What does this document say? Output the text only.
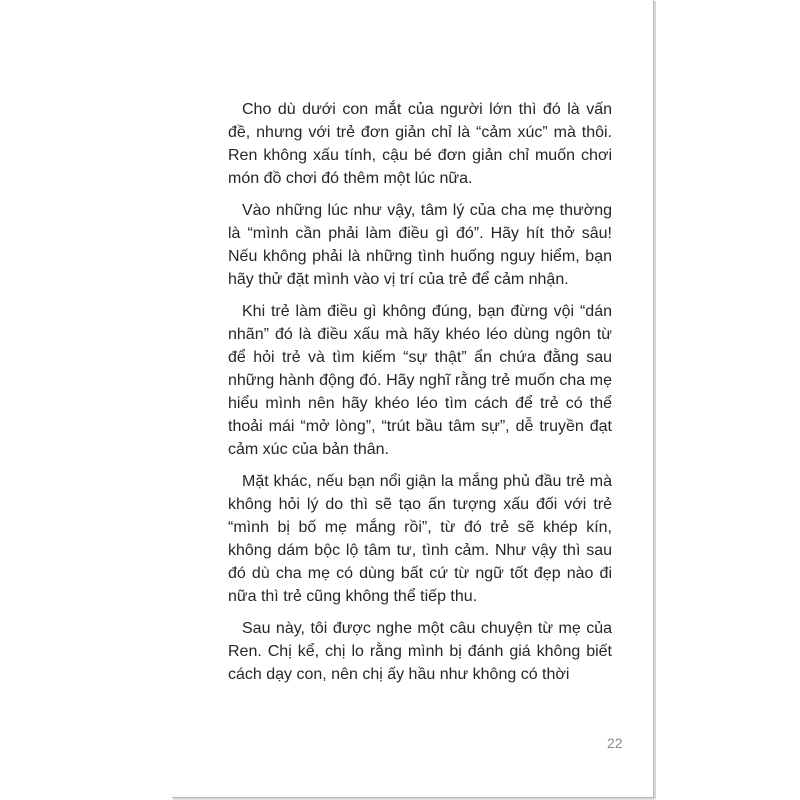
Cho dù dưới con mắt của người lớn thì đó là vấn đề, nhưng với trẻ đơn giản chỉ là “cảm xúc” mà thôi. Ren không xấu tính, cậu bé đơn giản chỉ muốn chơi món đồ chơi đó thêm một lúc nữa.

Vào những lúc như vậy, tâm lý của cha mẹ thường là “mình cần phải làm điều gì đó”. Hãy hít thở sâu! Nếu không phải là những tình huống nguy hiểm, bạn hãy thử đặt mình vào vị trí của trẻ để cảm nhận.

Khi trẻ làm điều gì không đúng, bạn đừng vội “dán nhãn” đó là điều xấu mà hãy khéo léo dùng ngôn từ để hỏi trẻ và tìm kiếm “sự thật” ẩn chứa đằng sau những hành động đó. Hãy nghĩ rằng trẻ muốn cha mẹ hiểu mình nên hãy khéo léo tìm cách để trẻ có thể thoải mái “mở lòng”, “trút bầu tâm sự”, dễ truyền đạt cảm xúc của bản thân.

Mặt khác, nếu bạn nổi giận la mắng phủ đầu trẻ mà không hỏi lý do thì sẽ tạo ấn tượng xấu đối với trẻ “mình bị bố mẹ mắng rồi”, từ đó trẻ sẽ khép kín, không dám bộc lộ tâm tư, tình cảm. Như vậy thì sau đó dù cha mẹ có dùng bất cứ từ ngữ tốt đẹp nào đi nữa thì trẻ cũng không thể tiếp thu.

Sau này, tôi được nghe một câu chuyện từ mẹ của Ren. Chị kể, chị lo rằng mình bị đánh giá không biết cách dạy con, nên chị ấy hầu như không có thời

22
